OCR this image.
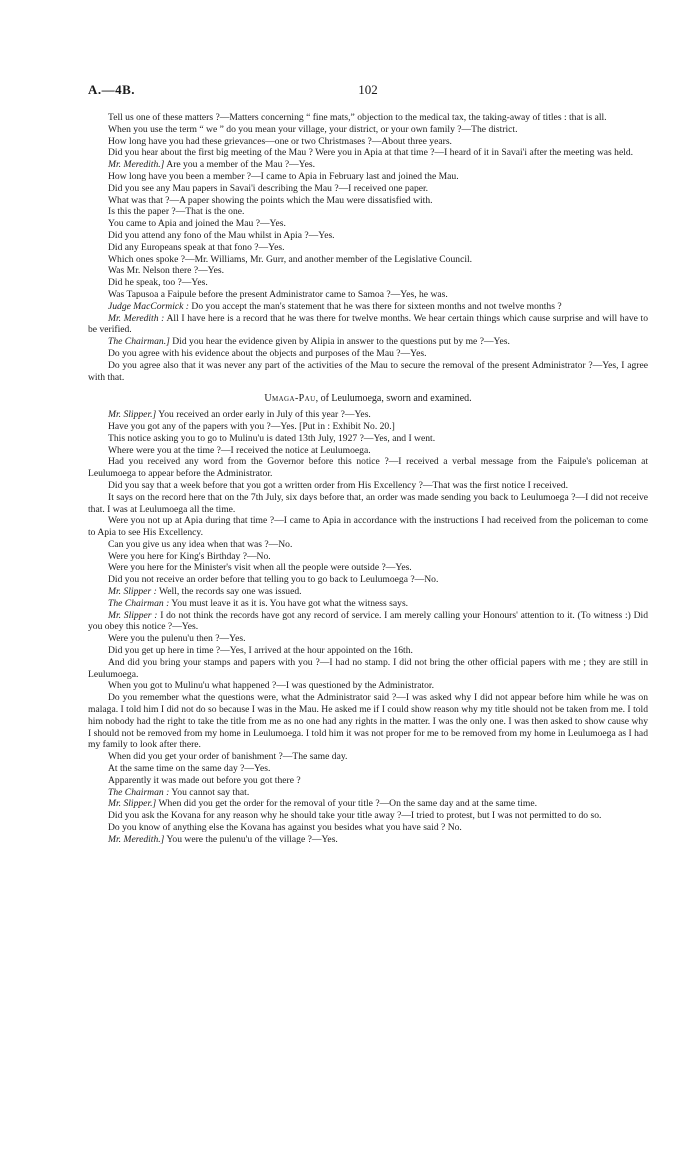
A.—4B.	102

Tell us one of these matters ?—Matters concerning “ fine mats,” objection to the medical tax, the taking-away of titles : that is all.

When you use the term “ we ” do you mean your village, your district, or your own family ?—The district.

How long have you had these grievances—one or two Christmases ?—About three years.

Did you hear about the first big meeting of the Mau ? Were you in Apia at that time ?—I heard of it in Savai'i after the meeting was held.

Mr. Meredith.] Are you a member of the Mau ?—Yes.

How long have you been a member ?—I came to Apia in February last and joined the Mau.

Did you see any Mau papers in Savai'i describing the Mau ?—I received one paper.

What was that ?—A paper showing the points which the Mau were dissatisfied with.

Is this the paper ?—That is the one.

You came to Apia and joined the Mau ?—Yes.

Did you attend any fono of the Mau whilst in Apia ?—Yes.

Did any Europeans speak at that fono ?—Yes.

Which ones spoke ?—Mr. Williams, Mr. Gurr, and another member of the Legislative Council.

Was Mr. Nelson there ?—Yes.

Did he speak, too ?—Yes.

Was Tapusoa a Faipule before the present Administrator came to Samoa ?—Yes, he was.

Judge MacCormick : Do you accept the man's statement that he was there for sixteen months and not twelve months ?

Mr. Meredith : All I have here is a record that he was there for twelve months. We hear certain things which cause surprise and will have to be verified.

The Chairman.] Did you hear the evidence given by Alipia in answer to the questions put by me ?—Yes.

Do you agree with his evidence about the objects and purposes of the Mau ?—Yes.

Do you agree also that it was never any part of the activities of the Mau to secure the removal of the present Administrator ?—Yes, I agree with that.

Umaga-Pau, of Leulumoega, sworn and examined.

Mr. Slipper.] You received an order early in July of this year ?—Yes.

Have you got any of the papers with you ?—Yes. [Put in : Exhibit No. 20.]

This notice asking you to go to Mulinu'u is dated 13th July, 1927 ?—Yes, and I went.

Where were you at the time ?—I received the notice at Leulumoega.

Had you received any word from the Governor before this notice ?—I received a verbal message from the Faipule's policeman at Leulumoega to appear before the Administrator.

Did you say that a week before that you got a written order from His Excellency ?—That was the first notice I received.

It says on the record here that on the 7th July, six days before that, an order was made sending you back to Leulumoega ?—I did not receive that. I was at Leulumoega all the time.

Were you not up at Apia during that time ?—I came to Apia in accordance with the instructions I had received from the policeman to come to Apia to see His Excellency.

Can you give us any idea when that was ?—No.

Were you here for King's Birthday ?—No.

Were you here for the Minister's visit when all the people were outside ?—Yes.

Did you not receive an order before that telling you to go back to Leulumoega ?—No.

Mr. Slipper : Well, the records say one was issued.

The Chairman : You must leave it as it is. You have got what the witness says.

Mr. Slipper : I do not think the records have got any record of service. I am merely calling your Honours' attention to it. (To witness :) Did you obey this notice ?—Yes.

Were you the pulenu'u then ?—Yes.

Did you get up here in time ?—Yes, I arrived at the hour appointed on the 16th.

And did you bring your stamps and papers with you ?—I had no stamp. I did not bring the other official papers with me ; they are still in Leulumoega.

When you got to Mulinu'u what happened ?—I was questioned by the Administrator.

Do you remember what the questions were, what the Administrator said ?—I was asked why I did not appear before him while he was on malaga. I told him I did not do so because I was in the Mau. He asked me if I could show reason why my title should not be taken from me. I told him nobody had the right to take the title from me as no one had any rights in the matter. I was the only one. I was then asked to show cause why I should not be removed from my home in Leulumoega. I told him it was not proper for me to be removed from my home in Leulumoega as I had my family to look after there.

When did you get your order of banishment ?—The same day.

At the same time on the same day ?—Yes.

Apparently it was made out before you got there ?

The Chairman : You cannot say that.

Mr. Slipper.] When did you get the order for the removal of your title ?—On the same day and at the same time.

Did you ask the Kovana for any reason why he should take your title away ?—I tried to protest, but I was not permitted to do so.

Do you know of anything else the Kovana has against you besides what you have said ? No.

Mr. Meredith.] You were the pulenu'u of the village ?—Yes.
